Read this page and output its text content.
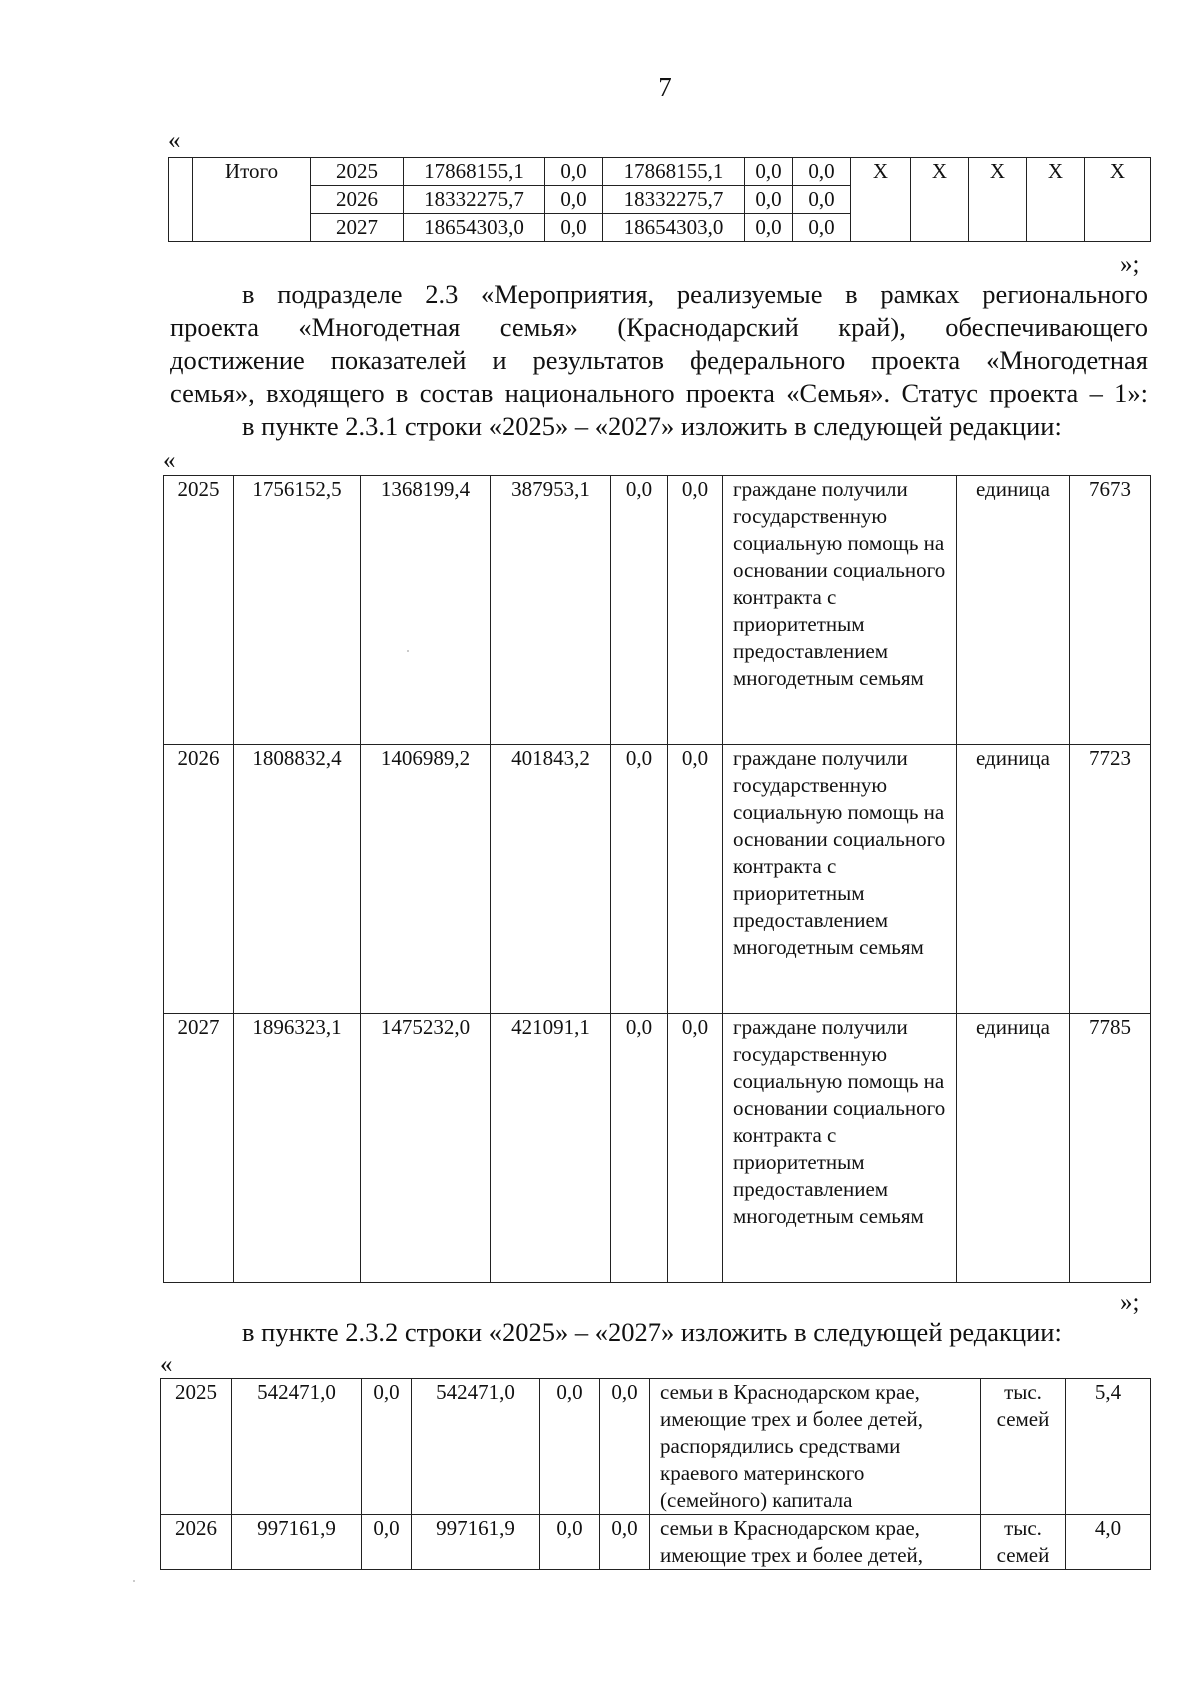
7
«
	Итого	2025	17868155,1	0,0	17868155,1	0,0	0,0	Х	Х	Х	Х	Х
		2026	18332275,7	0,0	18332275,7	0,0	0,0					
		2027	18654303,0	0,0	18654303,0	0,0	0,0					
»;
в подразделе 2.3 «Мероприятия, реализуемые в рамках регионального
проекта «Многодетная семья» (Краснодарский край), обеспечивающего
достижение показателей и результатов федерального проекта «Многодетная
семья», входящего в состав национального проекта «Семья». Статус проекта – 1»:
в пункте 2.3.1 строки «2025» – «2027» изложить в следующей редакции:
«
2025	1756152,5	1368199,4	387953,1	0,0	0,0	граждане получили государственную социальную помощь на основании социального контракта с приоритетным предоставлением многодетным семьям	единица	7673
2026	1808832,4	1406989,2	401843,2	0,0	0,0	граждане получили государственную социальную помощь на основании социального контракта с приоритетным предоставлением многодетным семьям	единица	7723
2027	1896323,1	1475232,0	421091,1	0,0	0,0	граждане получили государственную социальную помощь на основании социального контракта с приоритетным предоставлением многодетным семьям	единица	7785
»;
в пункте 2.3.2 строки «2025» – «2027» изложить в следующей редакции:
«
2025	542471,0	0,0	542471,0	0,0	0,0	семьи в Краснодарском крае, имеющие трех и более детей, распорядились средствами краевого материнского (семейного) капитала	тыс. семей	5,4
2026	997161,9	0,0	997161,9	0,0	0,0	семьи в Краснодарском крае, имеющие трех и более детей,	тыс. семей	4,0
